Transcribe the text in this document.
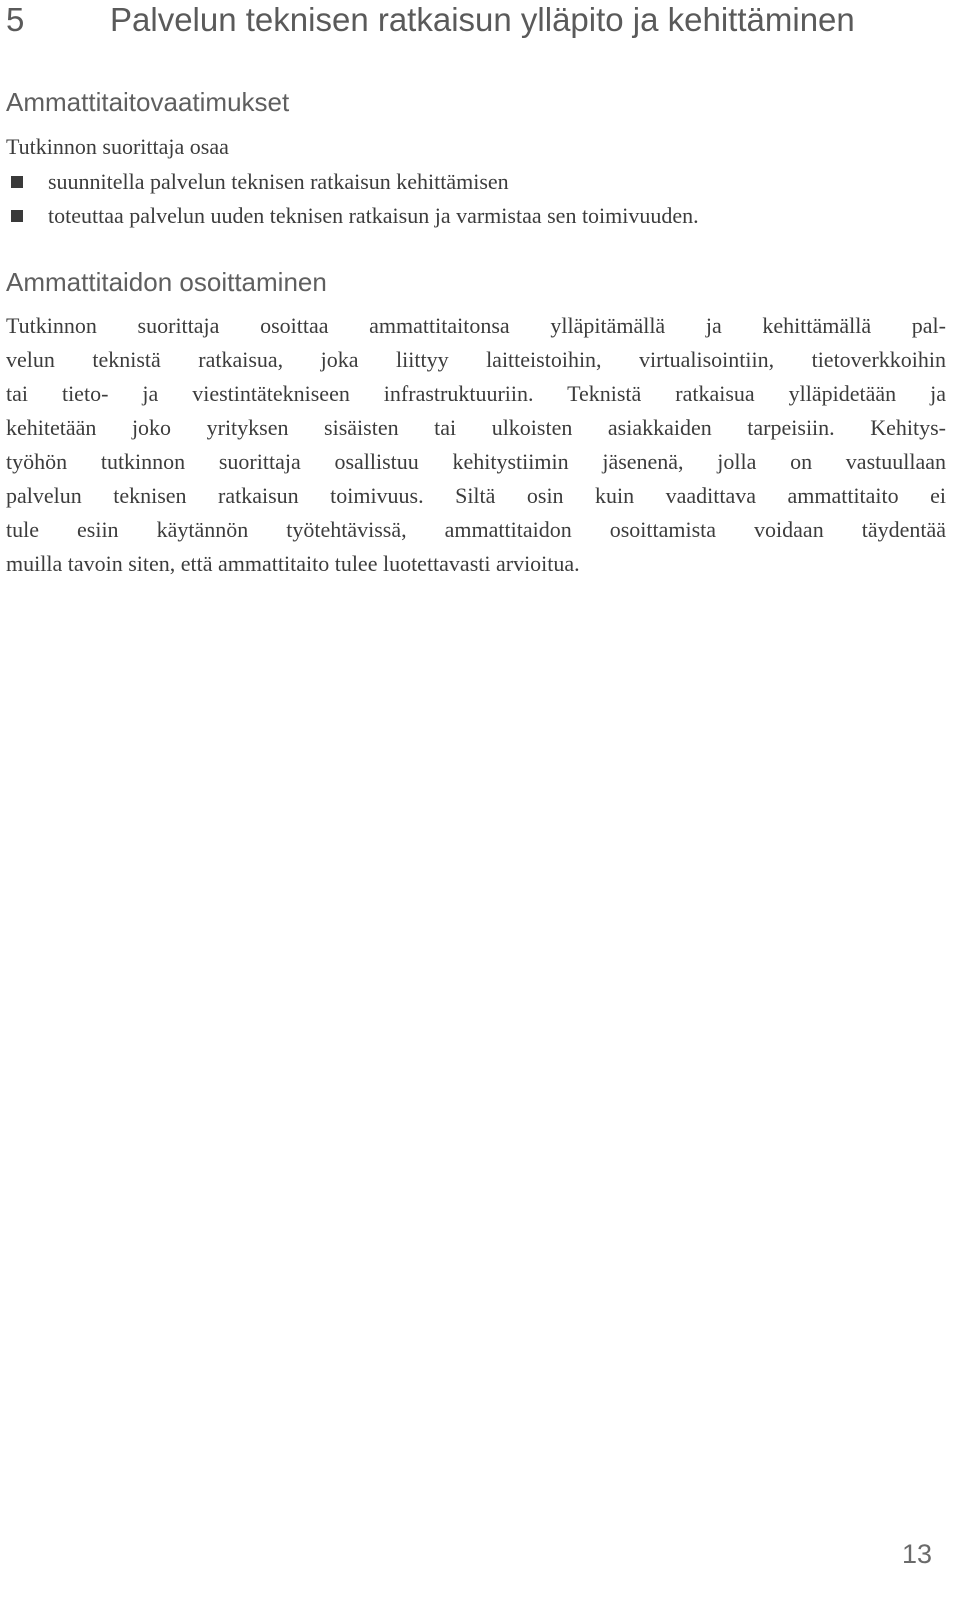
5	Palvelun teknisen ratkaisun ylläpito ja kehittäminen
Ammattitaitovaatimukset
Tutkinnon suorittaja osaa
suunnitella palvelun teknisen ratkaisun kehittämisen
toteuttaa palvelun uuden teknisen ratkaisun ja varmistaa sen toimivuuden.
Ammattitaidon osoittaminen
Tutkinnon suorittaja osoittaa ammattitaitonsa ylläpitämällä ja kehittämällä pal-
velun teknistä ratkaisua, joka liittyy laitteistoihin, virtualisointiin, tietoverkkoihin
tai tieto- ja viestintätekniseen infrastruktuuriin. Teknistä ratkaisua ylläpidetään ja
kehitetään joko yrityksen sisäisten tai ulkoisten asiakkaiden tarpeisiin. Kehitys-
työhön tutkinnon suorittaja osallistuu kehitystiimin jäsenenä, jolla on vastuullaan
palvelun teknisen ratkaisun toimivuus. Siltä osin kuin vaadittava ammattitaito ei
tule esiin käytännön työtehtävissä, ammattitaidon osoittamista voidaan täydentää
muilla tavoin siten, että ammattitaito tulee luotettavasti arvioitua.
13
